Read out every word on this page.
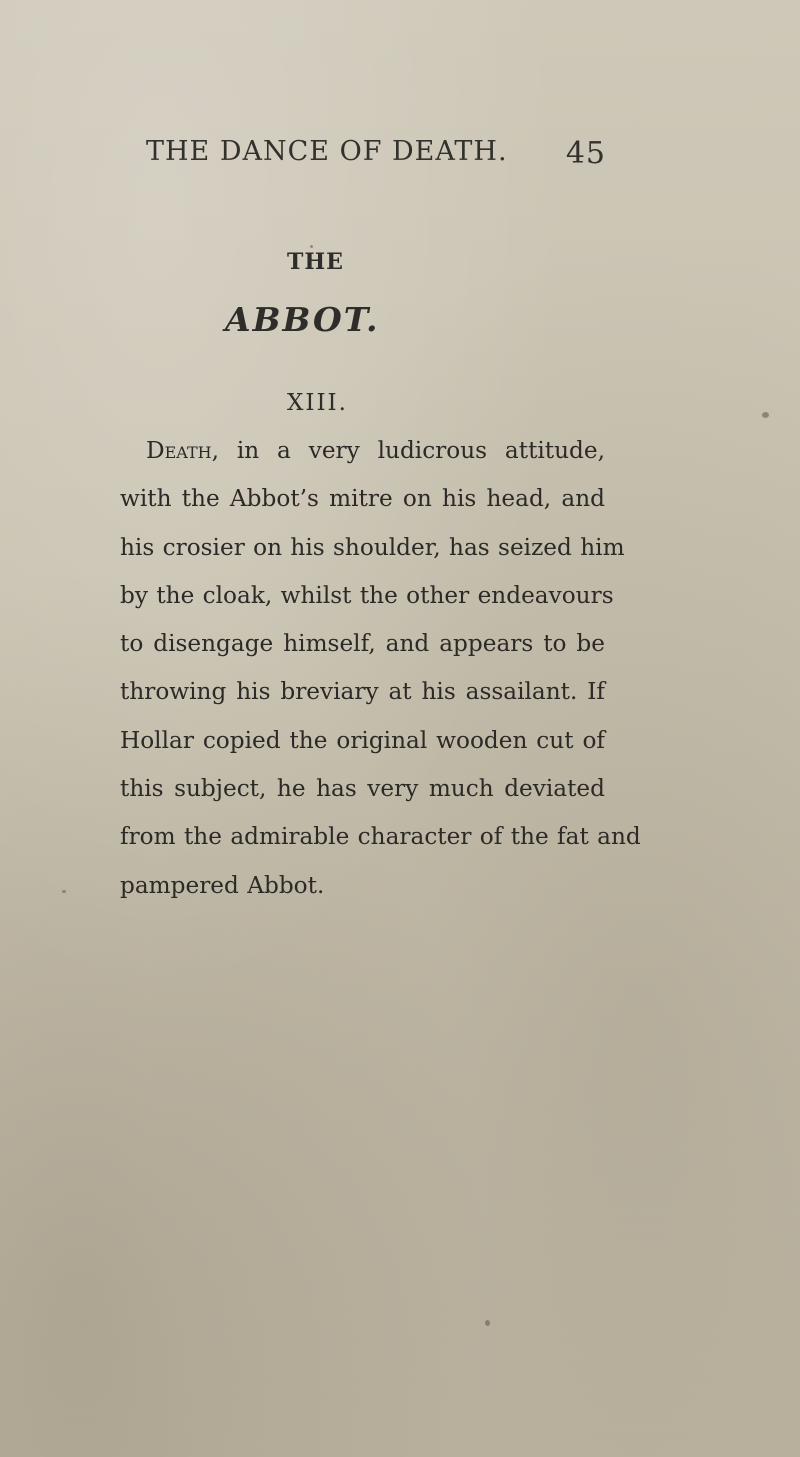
THE DANCE OF DEATH. 45
THE
ABBOT.
XIII.
Death, in a very ludicrous attitude,
with the Abbot’s mitre on his head, and
his crosier on his shoulder, has seized him
by the cloak, whilst the other endeavours
to disengage himself, and appears to be
throwing his breviary at his assailant. If
Hollar copied the original wooden cut of
this subject, he has very much deviated
from the admirable character of the fat and
pampered Abbot.
